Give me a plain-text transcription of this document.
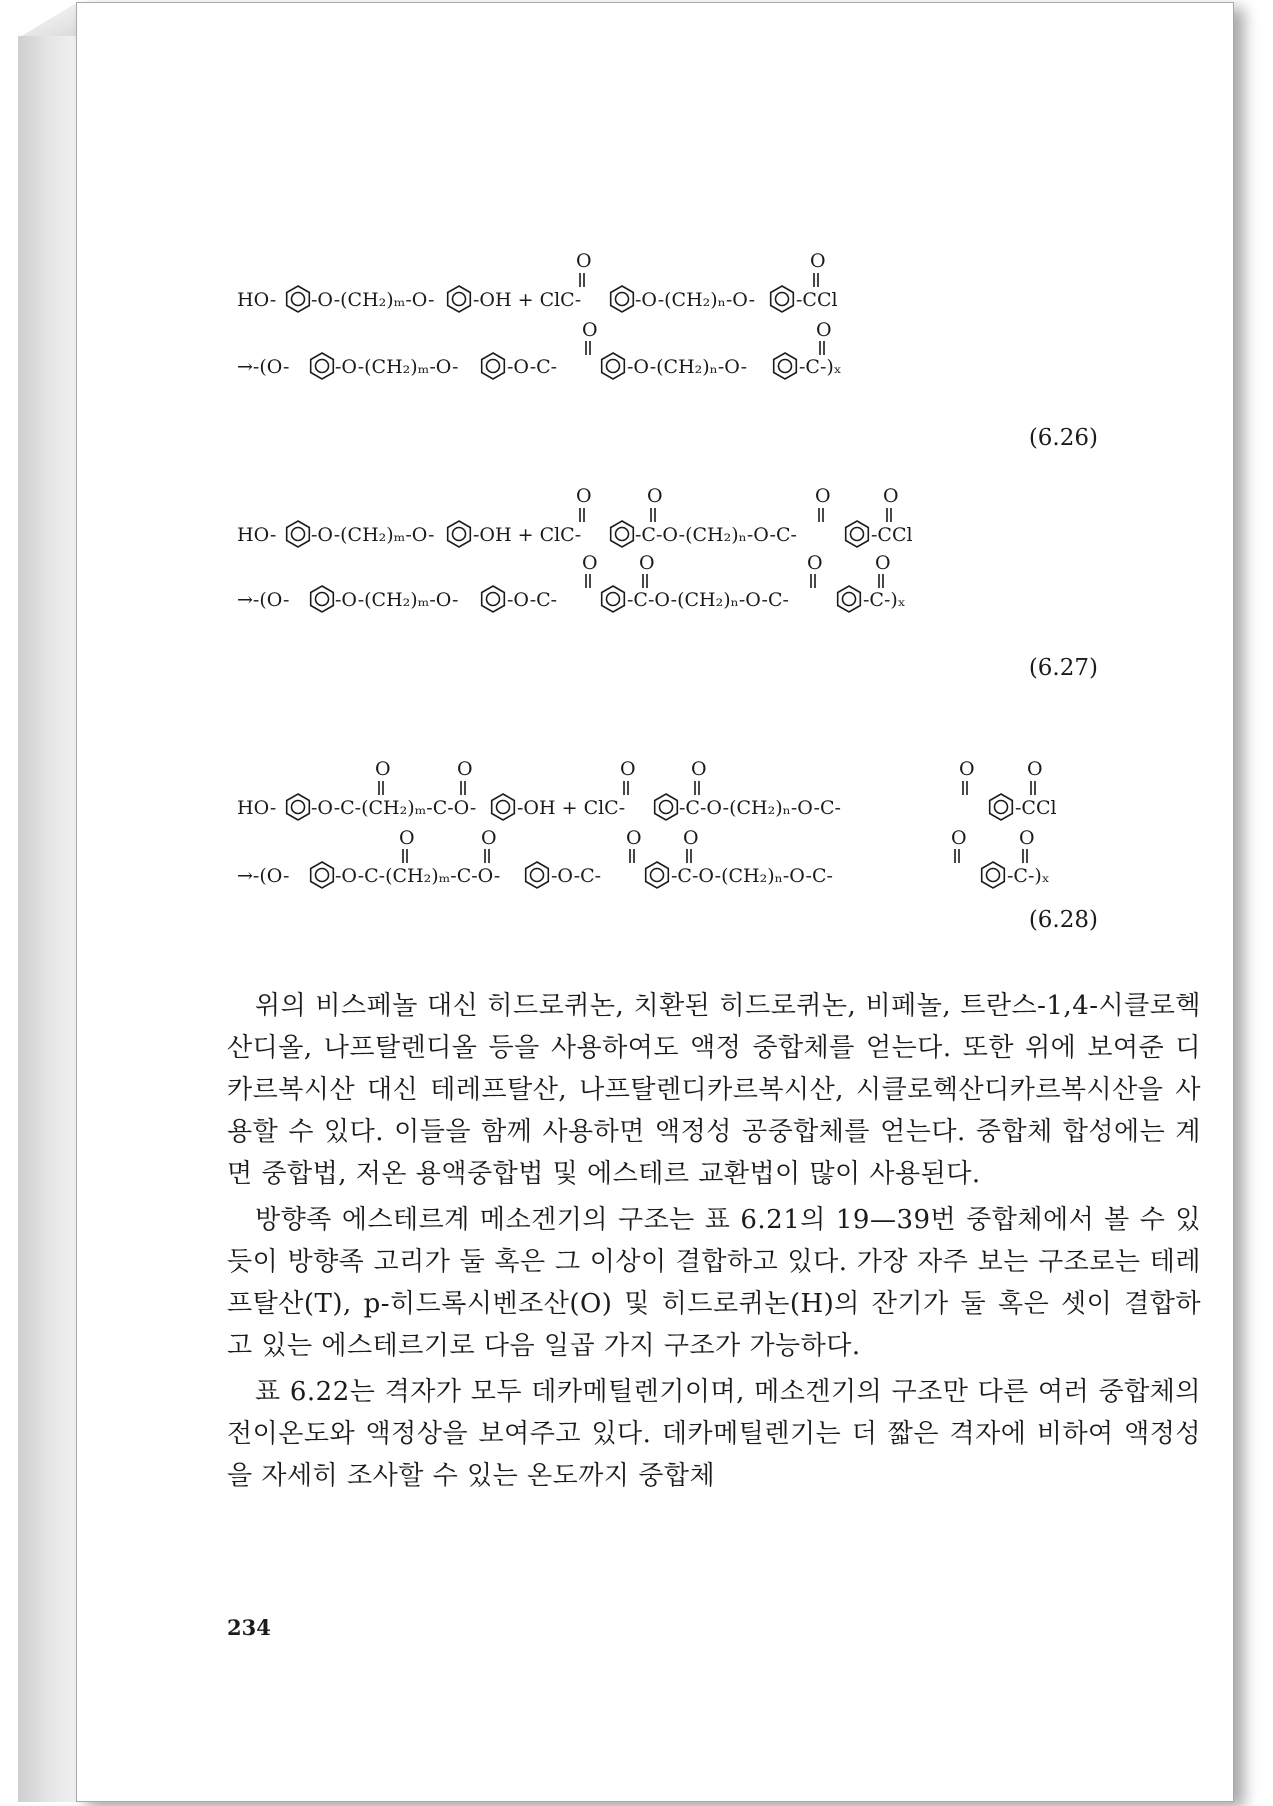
HO- -O-(CH₂)ₘ-O- -OH + ClC-	-O-(CH₂)ₙ-O- -CCl
O	O
→-(O- -O-(CH₂)ₘ-O-	-O-C-	-O-(CH₂)ₙ-O-	-C-)ₓ
O	O
HO- -O-(CH₂)ₘ-O- -OH + ClC-	-C-O-(CH₂)ₙ-O-C-	-CCl
O	O	O	O
→-(O- -O-(CH₂)ₘ-O-	-O-C-	-C-O-(CH₂)ₙ-O-C-	-C-)ₓ
O O	O	O
HO- -O-C-(CH₂)ₘ-C-O- -OH + ClC-	-C-O-(CH₂)ₙ-O-C-	-CCl
O	O	O	O	O	O
→-(O- -O-C-(CH₂)ₘ-C-O-	-O-C-	-C-O-(CH₂)ₙ-O-C-	-C-)ₓ
O	O	O O	O	O
(6.26)
(6.27)
(6.28)

위의 비스페놀 대신 히드로퀴논, 치환된 히드로퀴논, 비페놀, 트란스-1,4-시클로헥산디올, 나프탈렌디올 등을 사용하여도 액정 중합체를 얻는다. 또한 위에 보여준 디카르복시산 대신 테레프탈산, 나프탈렌디카르복시산, 시클로헥산디카르복시산을 사용할 수 있다. 이들을 함께 사용하면 액정성 공중합체를 얻는다. 중합체 합성에는 계면 중합법, 저온 용액중합법 및 에스테르 교환법이 많이 사용된다.

방향족 에스테르계 메소겐기의 구조는 표 6.21의 19—39번 중합체에서 볼 수 있듯이 방향족 고리가 둘 혹은 그 이상이 결합하고 있다. 가장 자주 보는 구조로는 테레프탈산(T), p-히드록시벤조산(O) 및 히드로퀴논(H)의 잔기가 둘 혹은 셋이 결합하고 있는 에스테르기로 다음 일곱 가지 구조가 가능하다.

표 6.22는 격자가 모두 데카메틸렌기이며, 메소겐기의 구조만 다른 여러 중합체의 전이온도와 액정상을 보여주고 있다. 데카메틸렌기는 더 짧은 격자에 비하여 액정성을 자세히 조사할 수 있는 온도까지 중합체

234
